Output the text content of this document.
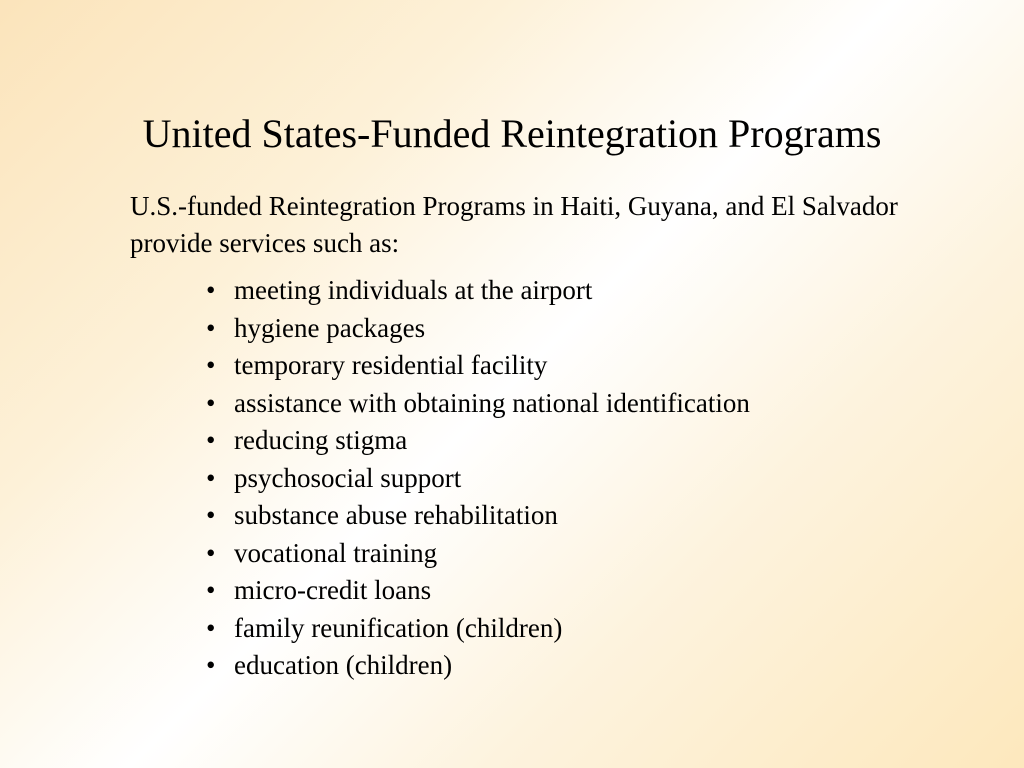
United States-Funded Reintegration Programs
U.S.-funded Reintegration Programs in Haiti, Guyana, and El Salvador provide services such as:
• meeting individuals at the airport
• hygiene packages
• temporary residential facility
• assistance with obtaining national identification
• reducing stigma
• psychosocial support
• substance abuse rehabilitation
• vocational training
• micro-credit loans
• family reunification (children)
• education (children)
